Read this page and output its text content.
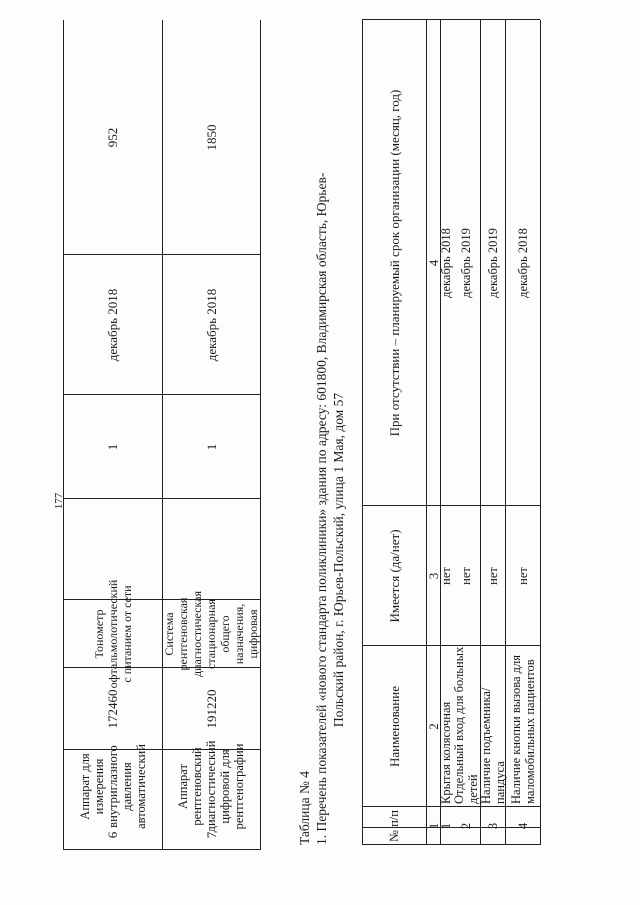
177
6
Аппарат для измерения внутриглазного давления автоматический
172460
Тонометр офтальмолотический с питанием от сети
1
декабрь 2018
952
7
Аппарат рентгеновский диагностический цифровой для рентгенографии
191220
Система рентгеновская диагностическая стационарная общего назначения, цифровая
1
декабрь 2018
1850
Таблица № 4 1. Перечень показателей «нового стандарта поликлиники» здания по адресу: 601800, Владимирская область, Юрьев- Польский район, г. Юрьев-Польский, улица 1 Мая, дом 57
№ п/п
Наименование
Имеется (да/нет)
При отсутствии – планируемый срок организации (месяц, год)
1
2
3
4
1
Крытая колясочная
нет
декабрь 2018
2
Отдельный вход для больных детей
нет
декабрь 2019
3
Наличие подъемника/пандуса
нет
декабрь 2019
4
Наличие кнопки вызова для маломобильных пациентов
нет
декабрь 2018
